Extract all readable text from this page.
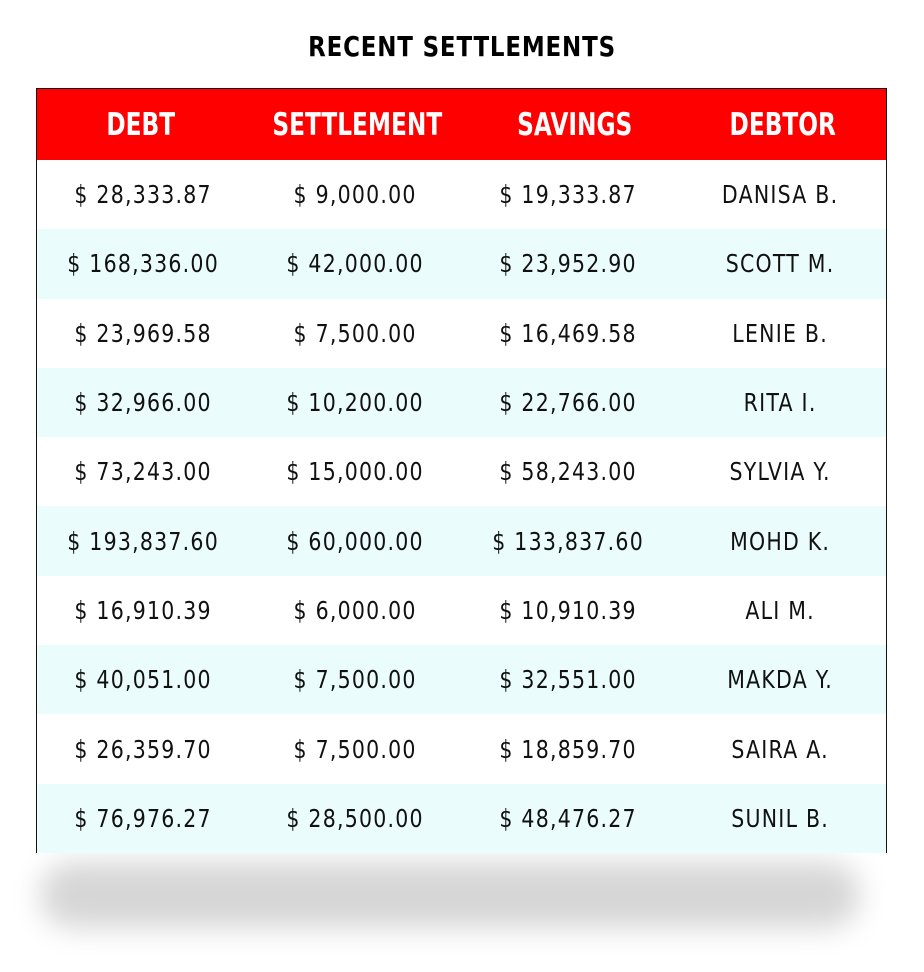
RECENT SETTLEMENTS
DEBT	SETTLEMENT	SAVINGS	DEBTOR
$ 28,333.87	$ 9,000.00	$ 19,333.87	DANISA B.
$ 168,336.00	$ 42,000.00	$ 23,952.90	SCOTT M.
$ 23,969.58	$ 7,500.00	$ 16,469.58	LENIE B.
$ 32,966.00	$ 10,200.00	$ 22,766.00	RITA I.
$ 73,243.00	$ 15,000.00	$ 58,243.00	SYLVIA Y.
$ 193,837.60	$ 60,000.00	$ 133,837.60	MOHD K.
$ 16,910.39	$ 6,000.00	$ 10,910.39	ALI M.
$ 40,051.00	$ 7,500.00	$ 32,551.00	MAKDA Y.
$ 26,359.70	$ 7,500.00	$ 18,859.70	SAIRA A.
$ 76,976.27	$ 28,500.00	$ 48,476.27	SUNIL B.
